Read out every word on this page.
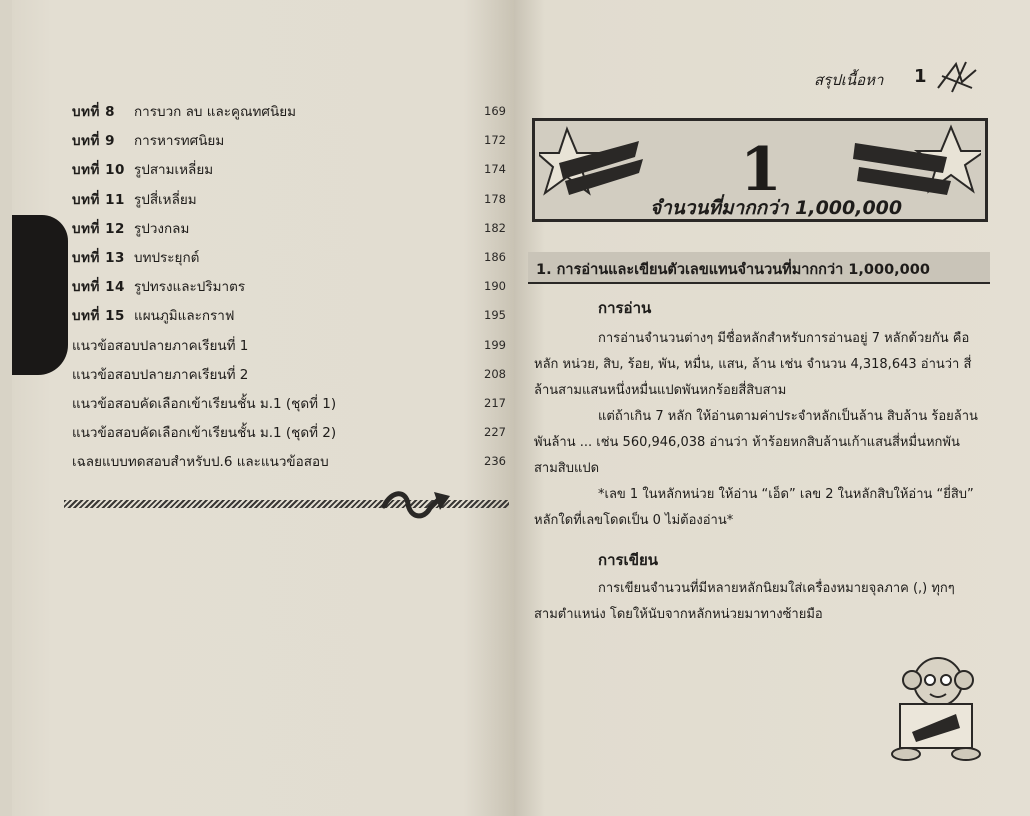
บทที่ 8 การบวก ลบ และคูณทศนิยม	169
บทที่ 9 การหารทศนิยม	172
บทที่ 10 รูปสามเหลี่ยม	174
บทที่ 11 รูปสี่เหลี่ยม	178
บทที่ 12 รูปวงกลม	182
บทที่ 13 บทประยุกต์	186
บทที่ 14 รูปทรงและปริมาตร	190
บทที่ 15 แผนภูมิและกราฟ	195
แนวข้อสอบปลายภาคเรียนที่ 1	199
แนวข้อสอบปลายภาคเรียนที่ 2	208
แนวข้อสอบคัดเลือกเข้าเรียนชั้น ม.1 (ชุดที่ 1)	217
แนวข้อสอบคัดเลือกเข้าเรียนชั้น ม.1 (ชุดที่ 2)	227
เฉลยแบบทดสอบสำหรับป.6 และแนวข้อสอบ	236
สรุปเนื้อหา 1
1
จำนวนที่มากกว่า 1,000,000
1. การอ่านและเขียนตัวเลขแทนจำนวนที่มากกว่า 1,000,000
การอ่าน

การอ่านจำนวนต่างๆ มีชื่อหลักสำหรับการอ่านอยู่ 7 หลักด้วยกัน คือ หลัก หน่วย, สิบ, ร้อย, พัน, หมื่น, แสน, ล้าน เช่น จำนวน 4,318,643 อ่านว่า สี่ล้านสามแสนหนึ่งหมื่นแปดพันหกร้อยสี่สิบสาม

แต่ถ้าเกิน 7 หลัก ให้อ่านตามค่าประจำหลักเป็นล้าน สิบล้าน ร้อยล้าน พันล้าน ... เช่น 560,946,038 อ่านว่า ห้าร้อยหกสิบล้านเก้าแสนสี่หมื่นหกพันสามสิบแปด

*เลข 1 ในหลักหน่วย ให้อ่าน “เอ็ด” เลข 2 ในหลักสิบให้อ่าน “ยี่สิบ” หลักใดที่เลขโดดเป็น 0 ไม่ต้องอ่าน*

การเขียน

การเขียนจำนวนที่มีหลายหลักนิยมใส่เครื่องหมายจุลภาค (,) ทุกๆ สามตำแหน่ง โดยให้นับจากหลักหน่วยมาทางซ้ายมือ
